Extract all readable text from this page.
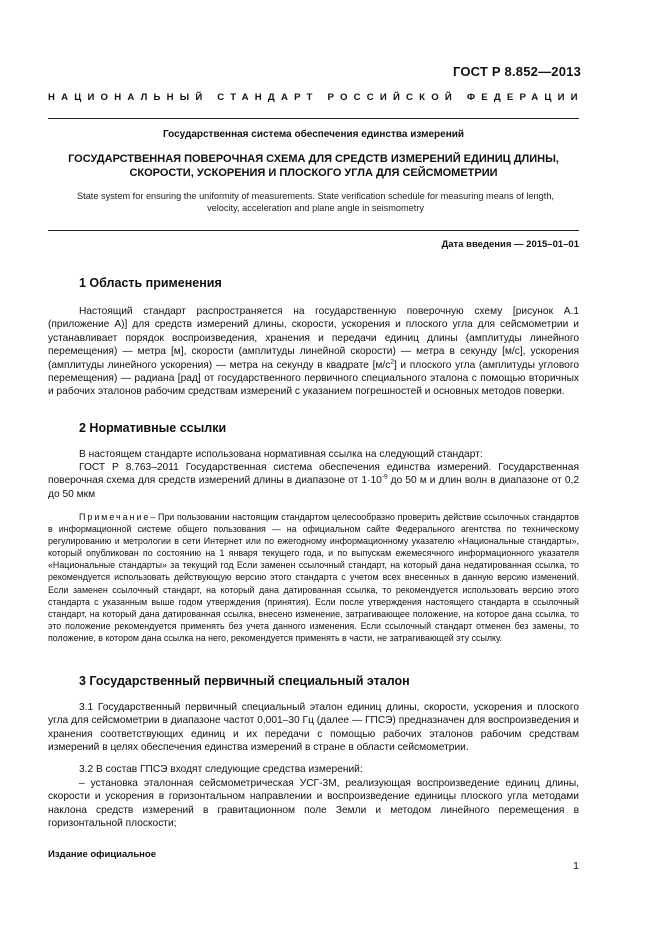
ГОСТ Р 8.852—2013
НАЦИОНАЛЬНЫЙ СТАНДАРТ РОССИЙСКОЙ ФЕДЕРАЦИИ
Государственная система обеспечения единства измерений
ГОСУДАРСТВЕННАЯ ПОВЕРОЧНАЯ СХЕМА ДЛЯ СРЕДСТВ ИЗМЕРЕНИЙ ЕДИНИЦ ДЛИНЫ,
СКОРОСТИ, УСКОРЕНИЯ И ПЛОСКОГО УГЛА ДЛЯ СЕЙСМОМЕТРИИ
State system for ensuring the uniformity of measurements. State verification schedule for measuring means of length,
velocity, acceleration and plane angle in seismometry
Дата введения — 2015–01–01
1 Область применения
Настоящий стандарт распространяется на государственную поверочную схему [рисунок А.1 (приложение А)] для средств измерений длины, скорости, ускорения и плоского угла для сейсмометрии и устанавливает порядок воспроизведения, хранения и передачи единиц длины (амплитуды линейного перемещения) — метра [м], скорости (амплитуды линейной скорости) — метра в секунду [м/с], ускорения (амплитуды линейного ускорения) — метра на секунду в квадрате $[м/с^2]$ и плоского угла (амплитуды углового перемещения) — радиана [рад] от государственного первичного специального эталона с помощью вторичных и рабочих эталонов рабочим средствам измерений с указанием погрешностей и основных методов поверки.
2 Нормативные ссылки
В настоящем стандарте использована нормативная ссылка на следующий стандарт:
ГОСТ Р 8.763–2011 Государственная система обеспечения единства измерений. Государственная поверочная схема для средств измерений длины в диапазоне от $1\cdot 10^{-9}$ до 50 м и длин волн в диапазоне от 0,2 до 50 мкм
Примечание– При пользовании настоящим стандартом целесообразно проверить действие ссылочных стандартов в информационной системе общего пользования — на официальном сайте Федерального агентства по техническому регулированию и метрологии в сети Интернет или по ежегодному информационному указателю «Национальные стандарты», который опубликован по состоянию на 1 января текущего года, и по выпускам ежемесячного информационного указателя «Национальные стандарты» за текущий год Если заменен ссылочный стандарт, на который дана недатированная ссылка, то рекомендуется использовать действующую версию этого стандарта с учетом всех внесенных в данную версию изменений. Если заменен ссылочный стандарт, на который дана датированная ссылка, то рекомендуется использовать версию этого стандарта с указанным выше годом утверждения (принятия). Если после утверждения настоящего стандарта в ссылочный стандарт, на который дана датированная ссылка, внесено изменение, затрагивающее положение, на которое дана ссылка, то это положение рекомендуется применять без учета данного изменения. Если ссылочный стандарт отменен без замены, то положение, в котором дана ссылка на него, рекомендуется применять в части, не затрагивающей эту ссылку.
3 Государственный первичный специальный эталон
3.1 Государственный первичный специальный эталон единиц длины, скорости, ускорения и плоского угла для сейсмометрии в диапазоне частот 0,001–30 Гц (далее — ГПСЭ) предназначен для воспроизведения и хранения соответствующих единиц и их передачи с помощью рабочих эталонов рабочим средствам измерений в целях обеспечения единства измерений в стране в области сейсмометрии.
3.2 В состав ГПСЭ входят следующие средства измерений:
– установка эталонная сейсмометрическая УСГ-3М, реализующая воспроизведение единиц длины, скорости и ускорения в горизонтальном направлении и воспроизведение единицы плоского угла методами наклона средств измерений в гравитационном поле Земли и методом линейного перемещения в горизонтальной плоскости;
Издание официальное
1
